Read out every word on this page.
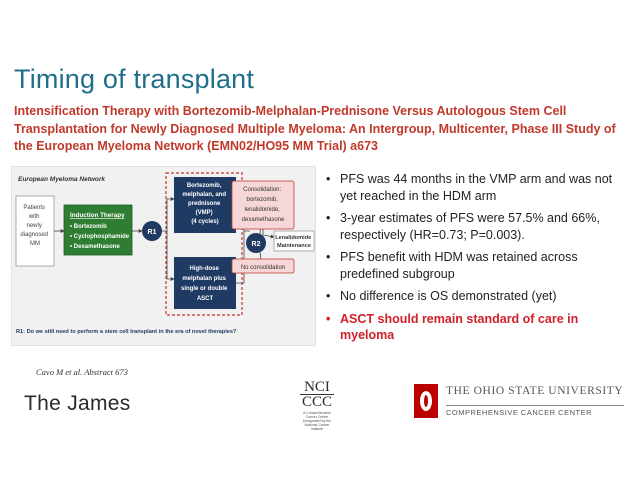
Timing of transplant
Intensification Therapy with Bortezomib-Melphalan-Prednisone Versus Autologous Stem Cell Transplantation for Newly Diagnosed Multiple Myeloma: An Intergroup, Multicenter, Phase III Study of the European Myeloma Network (EMN02/HO95 MM Trial) a673
European Myeloma Network
Patients with newly diagnosed MM
Induction Therapy
• Bortezomib • Cyclophosphamide • Dexamethasone
R1
Bortezomib, melphalan, and prednisone (VMP) (4 cycles)
High-dose melphalan plus single or double ASCT
R2
Consolidation: bortezomib, lenalidomide, dexamethasone
Lenalidomide Maintenance
No consolidation
R1: Do we still need to perform a stem cell transplant in the era of novel therapies?
• PFS was 44 months in the VMP arm and was not yet reached in the HDM arm
• 3-year estimates of PFS were 57.5% and 66%, respectively (HR=0.73; P=0.003).
• PFS benefit with HDM was retained across predefined subgroup
• No difference is OS demonstrated (yet)
• ASCT should remain standard of care in myeloma
Cavo M et al. Abstract 673
The James
NCI
CCC
A Comprehensive Cancer Center Designated by the National Cancer Institute
THE OHIO STATE UNIVERSITY
COMPREHENSIVE CANCER CENTER
